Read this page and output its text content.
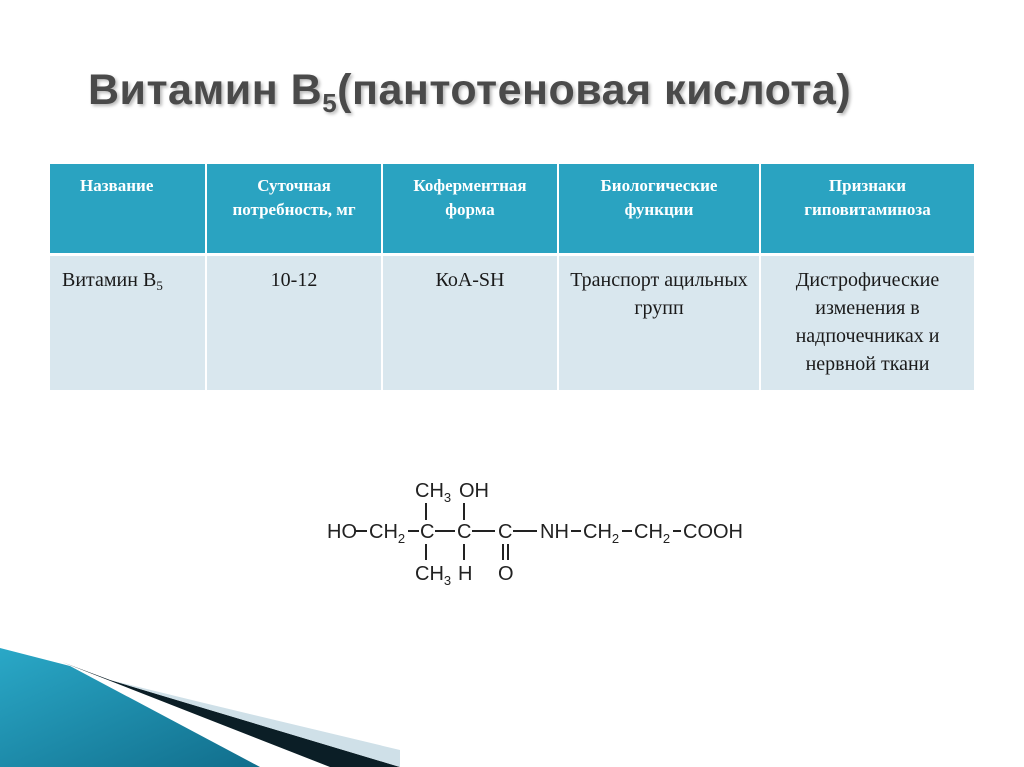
Витамин $В_5(пантотеновая$ кислота)
Название	Суточная потребность, мг	Коферментная форма	Биологические функции	Признаки гиповитаминоза
Витамин $В_5$	10-12	КоА-SH	Транспорт ацильных групп	Дистрофические изменения в надпочечниках и нервной ткани
$CH_3$ OH
HO $CH_2$ C C C NH $CH_2$ $CH_2$ COOH
$CH_3$ H O
